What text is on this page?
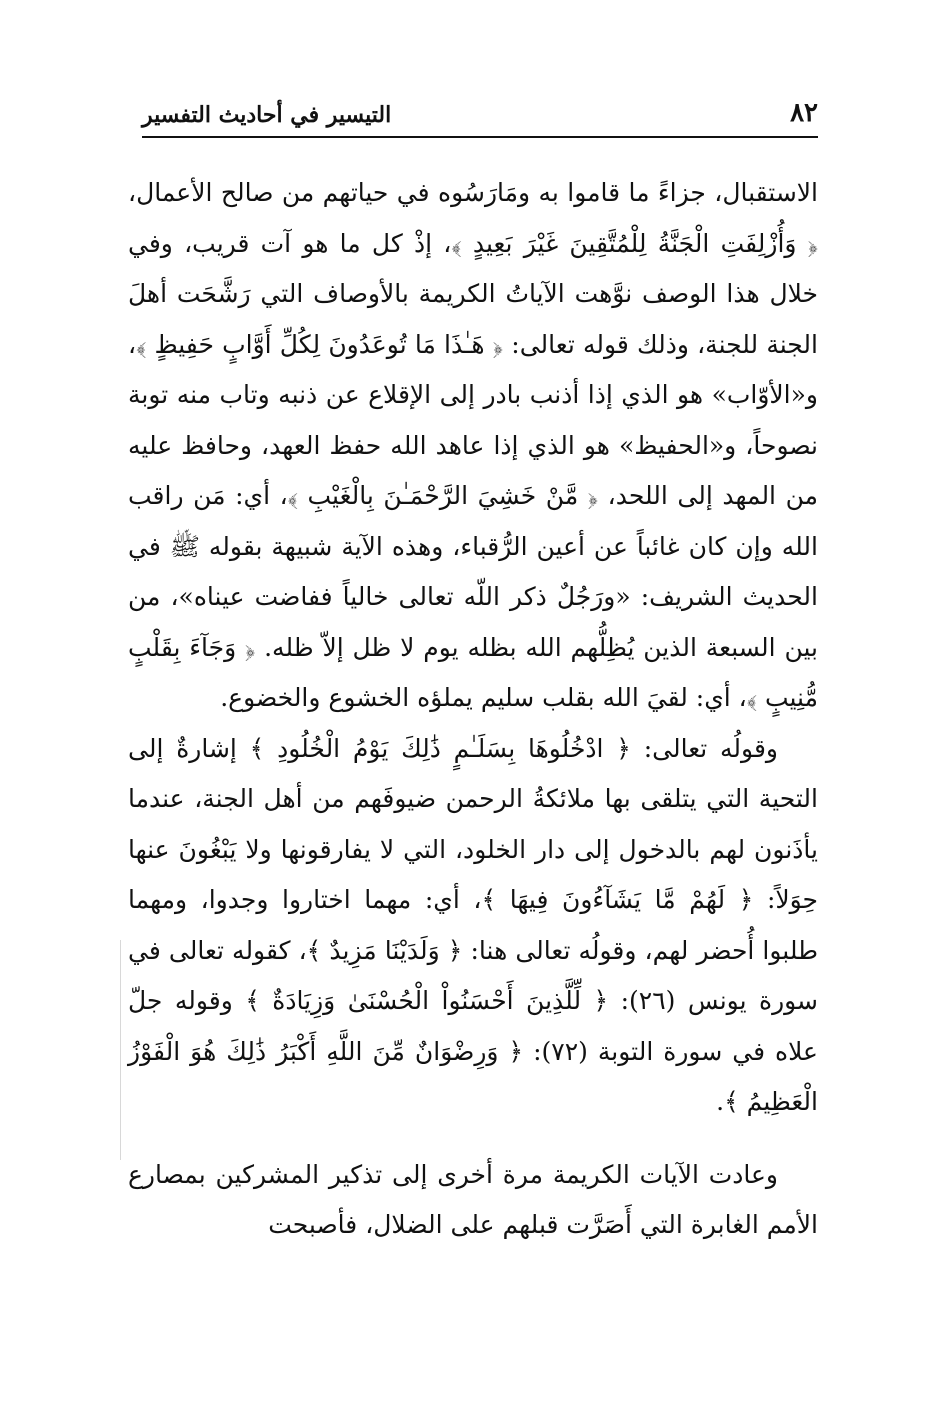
٨٢
التيسير في أحاديث التفسير

الاستقبال، جزاءً ما قاموا به ومَارَسُوه في حياتهم من صالح الأعمال، ﴿ وَأُزْلِفَتِ الْجَنَّةُ لِلْمُتَّقِينَ غَيْرَ بَعِيدٍ ﴾، إذْ كل ما هو آت قريب، وفي خلال هذا الوصف نوَّهت الآياتُ الكريمة بالأوصاف التي رَشَّحَت أهلَ الجنة للجنة، وذلك قوله تعالى: ﴿ هَـٰذَا مَا تُوعَدُونَ لِكُلِّ أَوَّابٍ حَفِيظٍ ﴾، و«الأوّاب» هو الذي إذا أذنب بادر إلى الإقلاع عن ذنبه وتاب منه توبة نصوحاً، و«الحفيظ» هو الذي إذا عاهد الله حفظ العهد، وحافظ عليه من المهد إلى اللحد، ﴿ مَّنْ خَشِيَ الرَّحْمَـٰنَ بِالْغَيْبِ ﴾، أي: مَن راقب الله وإن كان غائباً عن أعين الرُّقباء، وهذه الآية شبيهة بقوله ﷺ في الحديث الشريف: «ورَجُلٌ ذكر اللّه تعالى خالياً ففاضت عيناه»، من بين السبعة الذين يُظِلُّهم الله بظله يوم لا ظل إلاّ ظله. ﴿ وَجَآءَ بِقَلْبٍ مُّنِيبٍ ﴾، أي: لقيَ الله بقلب سليم يملؤه الخشوع والخضوع.

وقولُه تعالى: ﴿ ادْخُلُوهَا بِسَلَـٰمٍ ذَٰلِكَ يَوْمُ الْخُلُودِ ﴾ إشارةٌ إلى التحية التي يتلقى بها ملائكةُ الرحمن ضيوفَهم من أهل الجنة، عندما يأذَنون لهم بالدخول إلى دار الخلود، التي لا يفارقونها ولا يَبْغُونَ عنها حِوَلاً: ﴿ لَهُمْ مَّا يَشَآءُونَ فِيهَا ﴾، أي: مهما اختاروا وجدوا، ومهما طلبوا أُحضر لهم، وقولُه تعالى هنا: ﴿ وَلَدَيْنَا مَزِيدٌ ﴾، كقوله تعالى في سورة يونس (٢٦): ﴿ لِّلَّذِينَ أَحْسَنُواْ الْحُسْنَىٰ وَزِيَادَةٌ ﴾ وقوله جلّ علاه في سورة التوبة (٧٢): ﴿ وَرِضْوَانٌ مِّنَ اللَّهِ أَكْبَرُ ذَٰلِكَ هُوَ الْفَوْزُ الْعَظِيمُ ﴾.

وعادت الآيات الكريمة مرة أخرى إلى تذكير المشركين بمصارع الأمم الغابرة التي أَصَرَّت قبلهم على الضلال، فأصبحت
